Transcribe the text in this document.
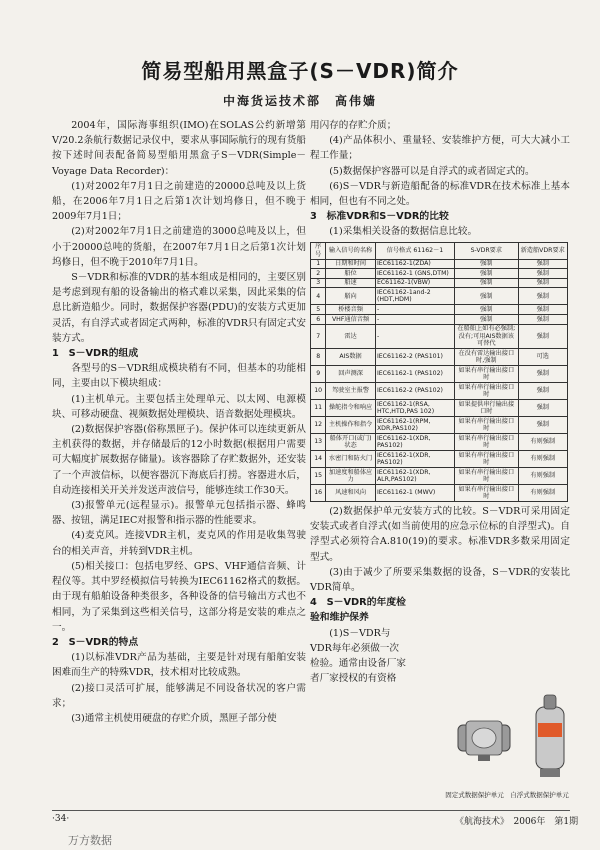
简易型船用黑盒子(S－VDR)简介
中海货运技术部　高伟嫱

2004年，国际海事组织(IMO)在SOLAS公约新增第V/20.2条航行数据记录仪中，要求从事国际航行的现有货船按下述时间表配备简易型船用黑盒子S－VDR(Simple－Voyage Data Recorder)：

(1)对2002年7月1日之前建造的20000总吨及以上货船，在2006年7月1日之后第1次计划坞修日，但不晚于2009年7月1日；

(2)对2002年7月1日之前建造的3000总吨及以上，但小于20000总吨的货船，在2007年7月1日之后第1次计划坞修日，但不晚于2010年7月1日。

S－VDR和标准的VDR的基本组成是相同的，主要区别是考虑到现有船的设备输出的格式难以采集，因此采集的信息比新造船少。同时，数据保护容器(PDU)的安装方式更加灵活，有自浮式或者固定式两种，标准的VDR只有固定式安装方式。

1　S－VDR的组成

各型号的S－VDR组成模块稍有不同，但基本的功能相同，主要由以下模块组成：

(1)主机单元。主要包括主处理单元、以太网、电源模块、可移动硬盘、视频数据处理模块、语音数据处理模块。

(2)数据保护容器(俗称黑匣子)。保护体可以连续更新从主机获得的数据，并存储最后的12小时数据(根据用户需要可大幅度扩展数据存储量)。该容器除了存贮数据外，还安装了一个声波信标，以便容器沉下海底后打捞。容器进水后，自动连接相关开关并发送声波信号，能够连续工作30天。

(3)报警单元(远程显示)。报警单元包括指示器、蜂鸣器、按钮，满足IEC对报警和指示器的性能要求。

(4)麦克风。连接VDR主机，麦克风的作用是收集驾驶台的相关声音，并转到VDR主机。

(5)相关接口：包括电罗经、GPS、VHF通信音频、计程仪等。其中罗经模拟信号转换为IEC61162格式的数据。由于现有船舶设备种类很多，各种设备的信号输出方式也不相同，为了采集到这些相关信号，这部分将是安装的难点之一。

2　S－VDR的特点

(1)以标准VDR产品为基础，主要是针对现有船舶安装困难而生产的特殊VDR，技术相对比较成熟。

(2)接口灵活可扩展，能够满足不同设备状况的客户需求；

(3)通常主机使用硬盘的存贮介质，黑匣子部分使

用闪存的存贮介质；

(4)产品体积小、重量轻、安装维护方便，可大大减小工程工作量；

(5)数据保护容器可以是自浮式的或者固定式的。

(6)S－VDR与新造船配备的标准VDR在技术标准上基本相同，但也有不同之处。

3　标准VDR和S－VDR的比较

(1)采集相关设备的数据信息比较。

序号	输入信号的名称	信号格式 61162－1	S-VDR要求	新造船VDR要求
1	日期和时间	IEC61162-1(ZDA)	强制	强制
2	船位	IEC61162-1 (GNS,DTM)	强制	强制
3	船速	EC61162-1(VBW)	强制	强制
4	艏向	IEC61162-1and-2 (HDT,HDM)	强制	强制
5	桥楼音频	-	强制	强制
6	VHF通信音频	-	强制	强制
7	雷达	-	在船舶上如有必强制;没有;可用AIS数据该可替代	强制
8	AIS数据	IEC61162-2 (PAS101)	在没有雷达输出接口时,强制	可选
9	回声测深	IEC61162-1 (PAS102)	如果有串行输出接口时	强制
10	驾驶室主报警	IEC61162-2 (PAS102)	如果有串行输出接口时	强制
11	操舵指令和响应	IEC61162-1(RSA, HTC,HTD,PAS 102)	如果提供串行输出接口时	强制
12	主机操作和指令	IEC61162-1(RPM, XDR,PAS102)	如果有串行输出接口时	强制
13	船体开口(或门)状态	IEC61162-1(XDR, PAS102)	如果有串行输出接口时	有则强制
14	水密门和防火门	IEC61162-1(XDR, PAS102)	如果有串行输出接口时	有则强制
15	加速度和船体应力	IEC61162-1(XDR, ALR,PAS102)	如果有串行输出接口时	有则强制
16	风速和风向	IEC61162-1 (MWV)	如果有串行输出接口时	有则强制

(2)数据保护单元安装方式的比较。S－VDR可采用固定安装式或者自浮式(如当前使用的应急示位标的自浮型式)。自浮型式必须符合A.810(19)的要求。标准VDR多数采用固定型式。

(3)由于减少了所要采集数据的设备，S－VDR的安装比VDR简单。

4　S－VDR的年度检
验和维护保养

(1)S－VDR与

VDR每年必须做一次

检验。通常由设备厂家

者厂家授权的有资格

固定式数据保护单元　自浮式数据保护单元
·34·	《航海技术》　2006年　第1期
万方数据
